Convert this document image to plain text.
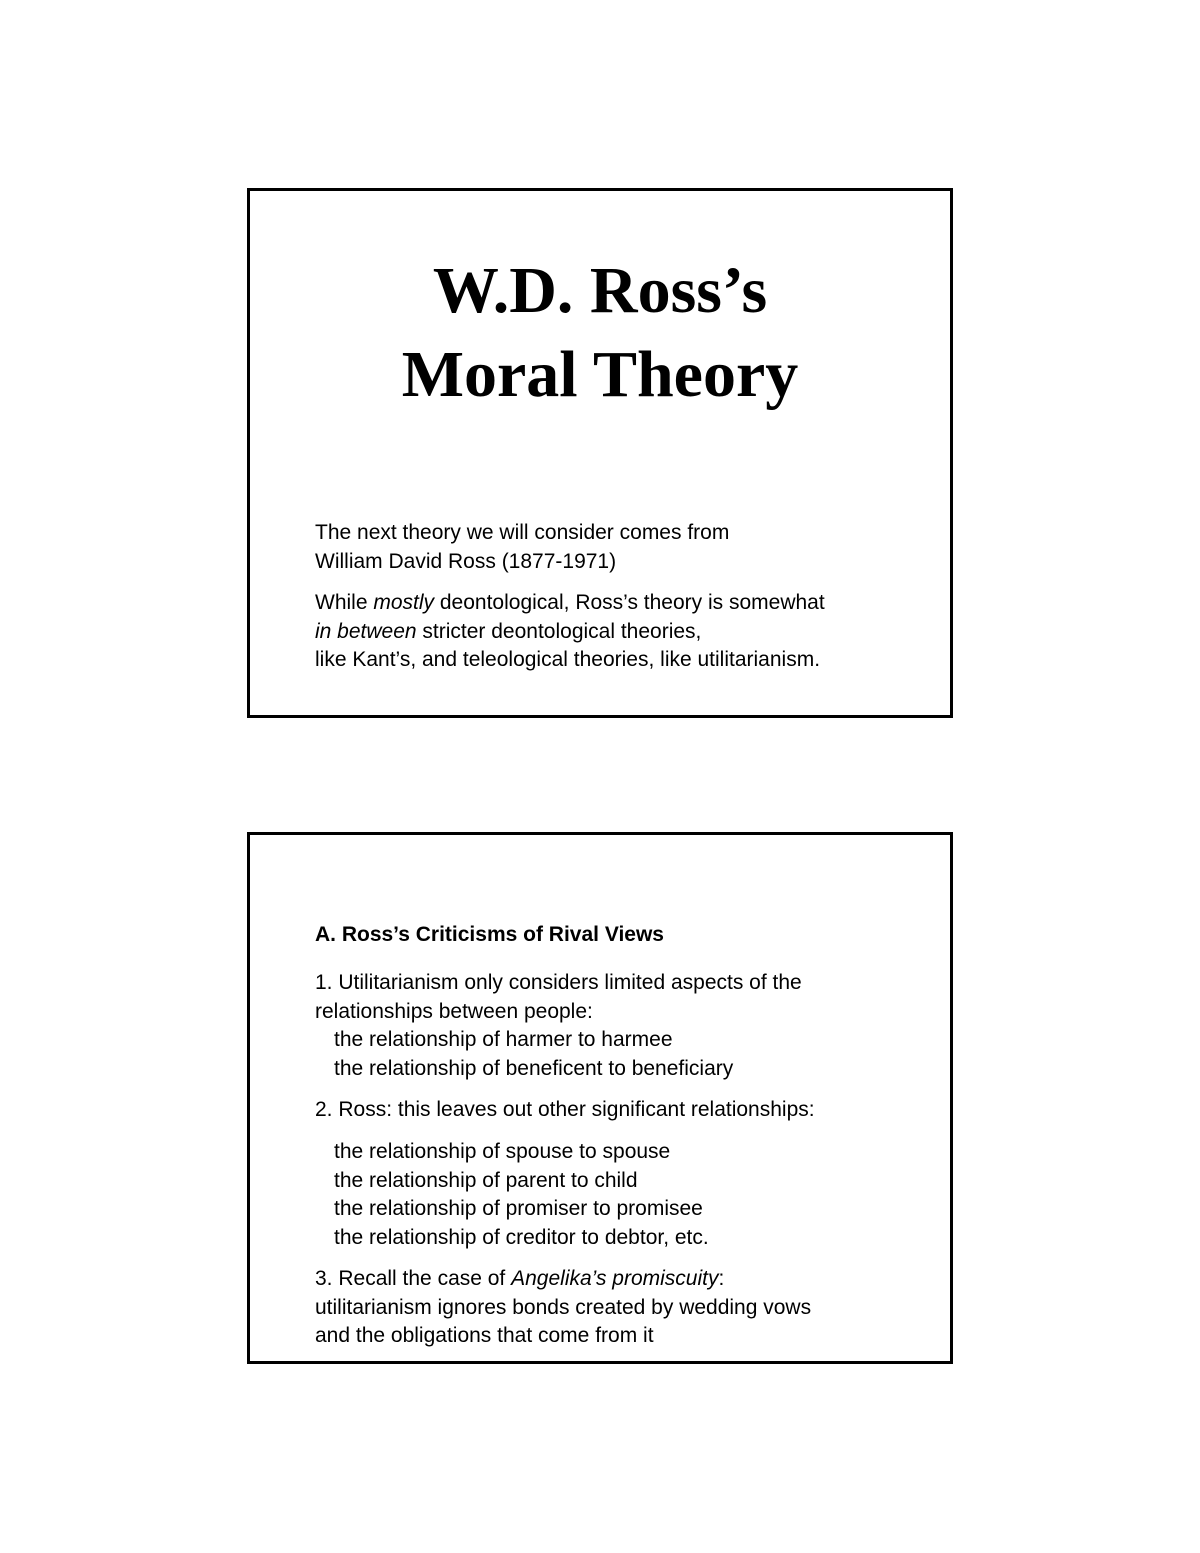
W.D. Ross’s
Moral Theory
The next theory we will consider comes from
William David Ross (1877-1971)
While mostly deontological, Ross’s theory is somewhat
in between stricter deontological theories,
like Kant’s, and teleological theories, like utilitarianism.
A. Ross’s Criticisms of Rival Views
1. Utilitarianism only considers limited aspects of the
relationships between people:
the relationship of harmer to harmee
the relationship of beneficent to beneficiary
2. Ross: this leaves out other significant relationships:
the relationship of spouse to spouse
the relationship of parent to child
the relationship of promiser to promisee
the relationship of creditor to debtor, etc.
3. Recall the case of Angelika’s promiscuity:
utilitarianism ignores bonds created by wedding vows
and the obligations that come from it
